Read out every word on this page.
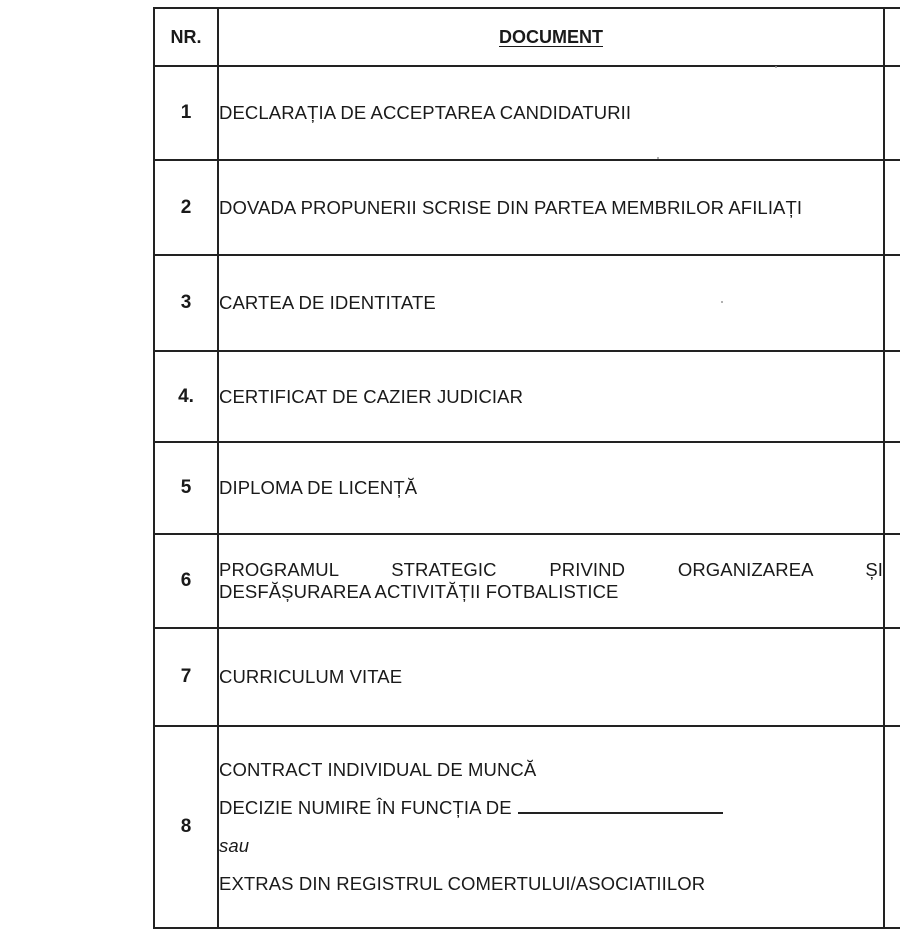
NR.	DOCUMENT	
1	DECLARAȚIA DE ACCEPTAREA CANDIDATURII	
2	DOVADA PROPUNERII SCRISE DIN PARTEA MEMBRILOR AFILIAȚI	
3	CARTEA DE IDENTITATE	
4.	CERTIFICAT DE CAZIER JUDICIAR	
5	DIPLOMA DE LICENȚĂ	
6	PROGRAMUL STRATEGIC PRIVIND ORGANIZAREA ȘI
DESFĂȘURAREA ACTIVITĂȚII FOTBALISTICE	

7	CURRICULUM VITAE	
8	CONTRACT INDIVIDUAL DE MUNCĂ
DECIZIE NUMIRE ÎN FUNCȚIA DE
sau
EXTRAS DIN REGISTRUL COMERTULUI/ASOCIATIILOR	
